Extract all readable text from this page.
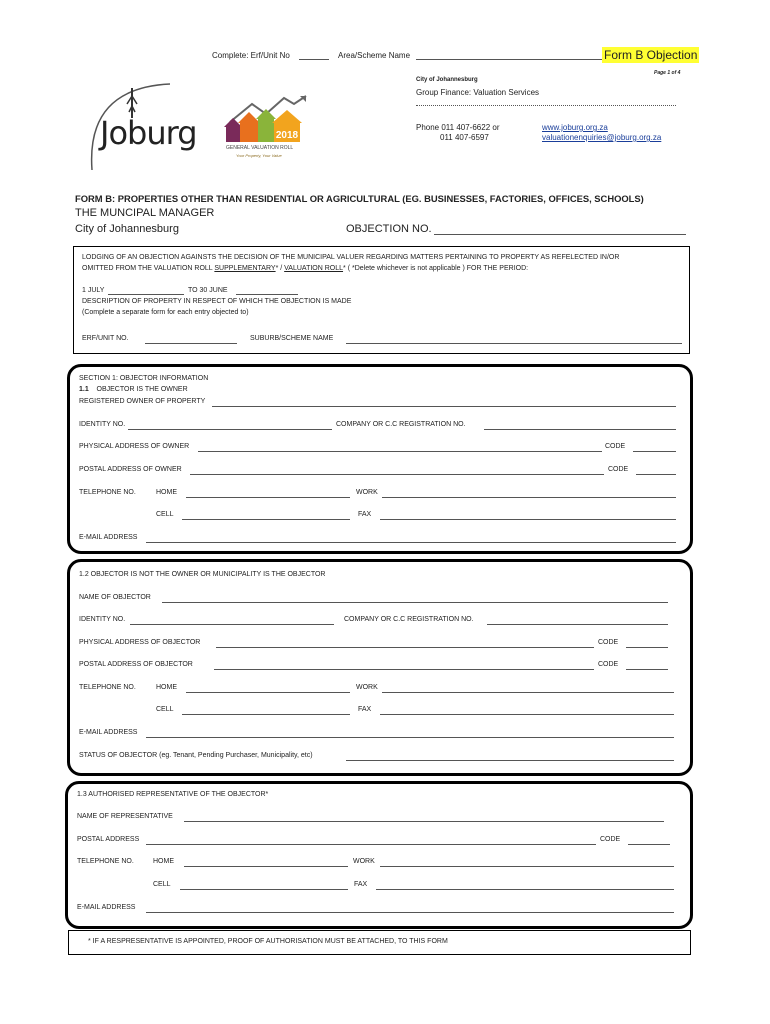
Complete: Erf/Unit No	Area/Scheme Name	Form B Objection
Page 1 of 4
Joburg	2018
GENERAL VALUATION ROLL
Your Property, Your Value
City of Johannesburg
Group Finance: Valuation Services
Phone 011 407-6622 or
011 407-6597
www.joburg.org.za
valuationenquiries@joburg.org.za
FORM B: PROPERTIES OTHER THAN RESIDENTIAL OR AGRICULTURAL (EG. BUSINESSES, FACTORIES, OFFICES, SCHOOLS)
THE MUNCIPAL MANAGER
City of Johannesburg	OBJECTION NO.
LODGING OF AN OBJECTION AGAINSTS THE DECISION OF THE MUNICIPAL VALUER REGARDING MATTERS PERTAINING TO PROPERTY AS REFELECTED IN/OR
OMITTED FROM THE VALUATION ROLL SUPPLEMENTARY* / VALUATION ROLL* ( *Delete whichever is not applicable ) FOR THE PERIOD:
1 JULY	TO 30 JUNE
DESCRIPTION OF PROPERTY IN RESPECT OF WHICH THE OBJECTION IS MADE
(Complete a separate form for each entry objected to)
ERF/UNIT NO.	SUBURB/SCHEME NAME
SECTION 1: OBJECTOR INFORMATION
1.1 OBJECTOR IS THE OWNER
REGISTERED OWNER OF PROPERTY
IDENTITY NO.	COMPANY OR C.C REGISTRATION NO.
PHYSICAL ADDRESS OF OWNER	CODE
POSTAL ADDRESS OF OWNER	CODE
TELEPHONE NO.	HOME	WORK
CELL	FAX
E-MAIL ADDRESS
1.2 OBJECTOR IS NOT THE OWNER OR MUNICIPALITY IS THE OBJECTOR
NAME OF OBJECTOR
IDENTITY NO.	COMPANY OR C.C REGISTRATION NO.
PHYSICAL ADDRESS OF OBJECTOR	CODE
POSTAL ADDRESS OF OBJECTOR	CODE
TELEPHONE NO.	HOME	WORK
CELL	FAX
E-MAIL ADDRESS
STATUS OF OBJECTOR (eg. Tenant, Pending Purchaser, Municipality, etc)
1.3 AUTHORISED REPRESENTATIVE OF THE OBJECTOR*
NAME OF REPRESENTATIVE
POSTAL ADDRESS	CODE
TELEPHONE NO.	HOME	WORK
CELL	FAX
E-MAIL ADDRESS
* IF A RESPRESENTATIVE IS APPOINTED, PROOF OF AUTHORISATION MUST BE ATTACHED, TO THIS FORM
